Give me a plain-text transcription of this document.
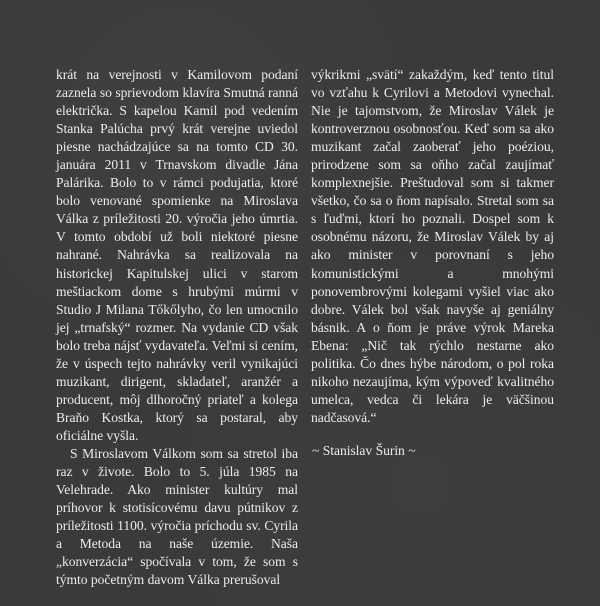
krát na verejnosti v Kamilovom podaní zaznela so sprievodom klavíra Smutná ranná električka. S kapelou Kamil pod vedením Stanka Palúcha prvý krát verejne uviedol piesne nachádzajúce sa na tomto CD 30. januára 2011 v Trnavskom divadle Jána Palárika. Bolo to v rámci podujatia, ktoré bolo venované spomienke na Miroslava Válka z príležitosti 20. výročia jeho úmrtia. V tomto období už boli niektoré piesne nahrané. Nahrávka sa realizovala na historickej Kapitulskej ulici v starom meštiackom dome s hrubými múrmi v Studio J Milana Tőkőlyho, čo len umocnilo jej „trnafský“ rozmer. Na vydanie CD však bolo treba nájsť vydavateľa. Veľmi si cením, že v úspech tejto nahrávky veril vynikajúci muzikant, dirigent, skladateľ, aranžér a producent, môj dlhoročný priateľ a kolega Braňo Kostka, ktorý sa postaral, aby oficiálne vyšla.

S Miroslavom Válkom som sa stretol iba raz v živote. Bolo to 5. júla 1985 na Velehrade. Ako minister kultúry mal príhovor k stotisícovému davu pútnikov z príležitosti 1100. výročia príchodu sv. Cyrila a Metoda na naše územie. Naša „konverzácia“ spočívala v tom, že som s týmto početným davom Válka prerušoval

výkrikmi „svätí“ zakaždým, keď tento titul vo vzťahu k Cyrilovi a Metodovi vynechal. Nie je tajomstvom, že Miroslav Válek je kontroverznou osobnosťou. Keď som sa ako muzikant začal zaoberať jeho poéziou, prirodzene som sa oňho začal zaujímať komplexnejšie. Preštudoval som si takmer všetko, čo sa o ňom napísalo. Stretal som sa s ľuďmi, ktorí ho poznali. Dospel som k osobnému názoru, že Miroslav Válek by aj ako minister v porovnaní s jeho komunistickými a mnohými ponovembrovými kolegami vyšiel viac ako dobre. Válek bol však navyše aj geniálny básnik. A o ňom je práve výrok Mareka Ebena: „Nič tak rýchlo nestarne ako politika. Čo dnes hýbe národom, o pol roka nikoho nezaujíma, kým výpoveď kvalitného umelca, vedca či lekára je väčšinou nadčasová.“

~ Stanislav Šurin ~
